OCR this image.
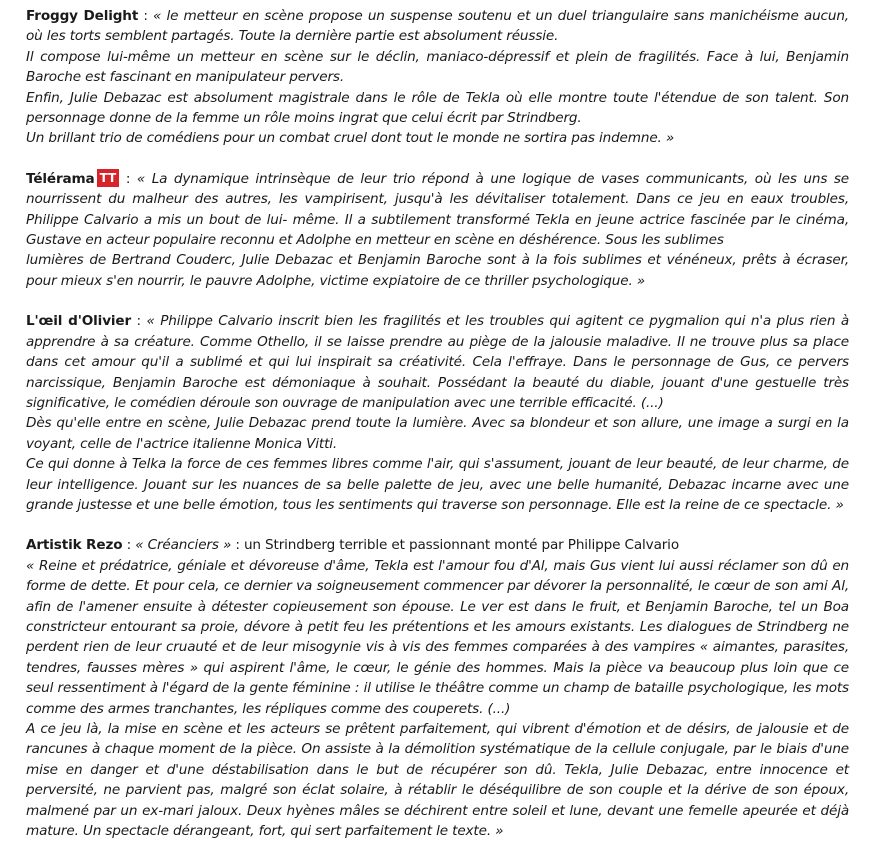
Froggy Delight : « le metteur en scène propose un suspense soutenu et un duel triangulaire sans manichéisme aucun, où les torts semblent partagés. Toute la dernière partie est absolument réussie.

Il compose lui-même un metteur en scène sur le déclin, maniaco-dépressif et plein de fragilités. Face à lui, Benjamin Baroche est fascinant en manipulateur pervers.

Enfin, Julie Debazac est absolument magistrale dans le rôle de Tekla où elle montre toute l'étendue de son talent. Son personnage donne de la femme un rôle moins ingrat que celui écrit par Strindberg.

Un brillant trio de comédiens pour un combat cruel dont tout le monde ne sortira pas indemne. »

Télérama TT : « La dynamique intrinsèque de leur trio répond à une logique de vases communicants, où les uns se nourrissent du malheur des autres, les vampirisent, jusqu'à les dévitaliser totalement. Dans ce jeu en eaux troubles, Philippe Calvario a mis un bout de lui- même. Il a subtilement transformé Tekla en jeune actrice fascinée par le cinéma, Gustave en acteur populaire reconnu et Adolphe en metteur en scène en déshérence. Sous les sublimes

lumières de Bertrand Couderc, Julie Debazac et Benjamin Baroche sont à la fois sublimes et vénéneux, prêts à écraser, pour mieux s'en nourrir, le pauvre Adolphe, victime expiatoire de ce thriller psychologique. »

L'œil d'Olivier : « Philippe Calvario inscrit bien les fragilités et les troubles qui agitent ce pygmalion qui n'a plus rien à apprendre à sa créature. Comme Othello, il se laisse prendre au piège de la jalousie maladive. Il ne trouve plus sa place dans cet amour qu'il a sublimé et qui lui inspirait sa créativité. Cela l'effraye. Dans le personnage de Gus, ce pervers narcissique, Benjamin Baroche est démoniaque à souhait. Possédant la beauté du diable, jouant d'une gestuelle très significative, le comédien déroule son ouvrage de manipulation avec une terrible efficacité. (...)

Dès qu'elle entre en scène, Julie Debazac prend toute la lumière. Avec sa blondeur et son allure, une image a surgi en la voyant, celle de l'actrice italienne Monica Vitti.

Ce qui donne à Telka la force de ces femmes libres comme l'air, qui s'assument, jouant de leur beauté, de leur charme, de leur intelligence. Jouant sur les nuances de sa belle palette de jeu, avec une belle humanité, Debazac incarne avec une grande justesse et une belle émotion, tous les sentiments qui traverse son personnage. Elle est la reine de ce spectacle. »

Artistik Rezo : « Créanciers » : un Strindberg terrible et passionnant monté par Philippe Calvario

« Reine et prédatrice, géniale et dévoreuse d'âme, Tekla est l'amour fou d'Al, mais Gus vient lui aussi réclamer son dû en forme de dette. Et pour cela, ce dernier va soigneusement commencer par dévorer la personnalité, le cœur de son ami Al, afin de l'amener ensuite à détester copieusement son épouse. Le ver est dans le fruit, et Benjamin Baroche, tel un Boa constricteur entourant sa proie, dévore à petit feu les prétentions et les amours existants. Les dialogues de Strindberg ne perdent rien de leur cruauté et de leur misogynie vis à vis des femmes comparées à des vampires « aimantes, parasites, tendres, fausses mères » qui aspirent l'âme, le cœur, le génie des hommes. Mais la pièce va beaucoup plus loin que ce seul ressentiment à l'égard de la gente féminine : il utilise le théâtre comme un champ de bataille psychologique, les mots comme des armes tranchantes, les répliques comme des couperets. (...)

A ce jeu là, la mise en scène et les acteurs se prêtent parfaitement, qui vibrent d'émotion et de désirs, de jalousie et de rancunes à chaque moment de la pièce. On assiste à la démolition systématique de la cellule conjugale, par le biais d'une mise en danger et d'une déstabilisation dans le but de récupérer son dû. Tekla, Julie Debazac, entre innocence et perversité, ne parvient pas, malgré son éclat solaire, à rétablir le déséquilibre de son couple et la dérive de son époux, malmené par un ex-mari jaloux. Deux hyènes mâles se déchirent entre soleil et lune, devant une femelle apeurée et déjà mature. Un spectacle dérangeant, fort, qui sert parfaitement le texte. »
